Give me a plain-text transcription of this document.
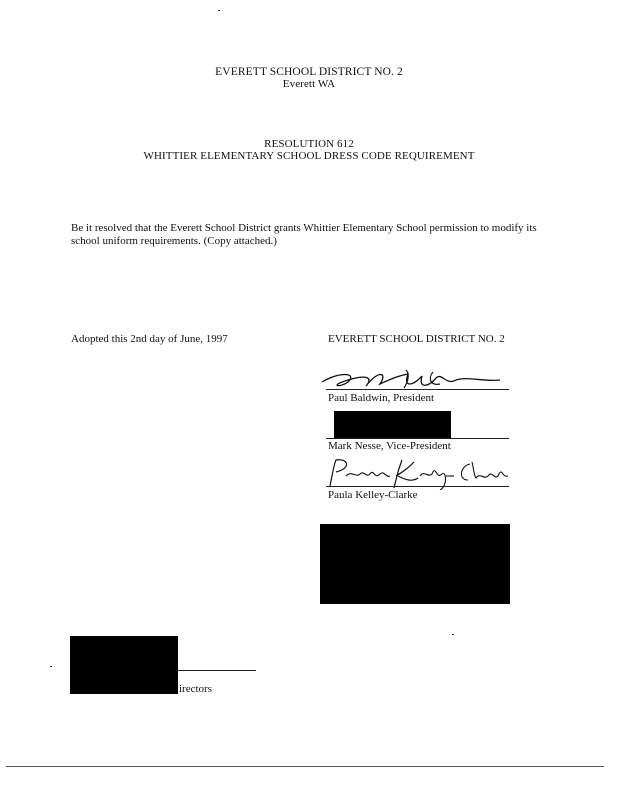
EVERETT SCHOOL DISTRICT NO. 2
Everett WA
RESOLUTION 612
WHITTIER ELEMENTARY SCHOOL DRESS CODE REQUIREMENT
Be it resolved that the Everett School District grants Whittier Elementary School permission to modify its school uniform requirements. (Copy attached.)
Adopted this 2nd day of June, 1997	EVERETT SCHOOL DISTRICT NO. 2
Paul Baldwin, President
Mark Nesse, Vice-President
Paula Kelley-Clarke
irectors
